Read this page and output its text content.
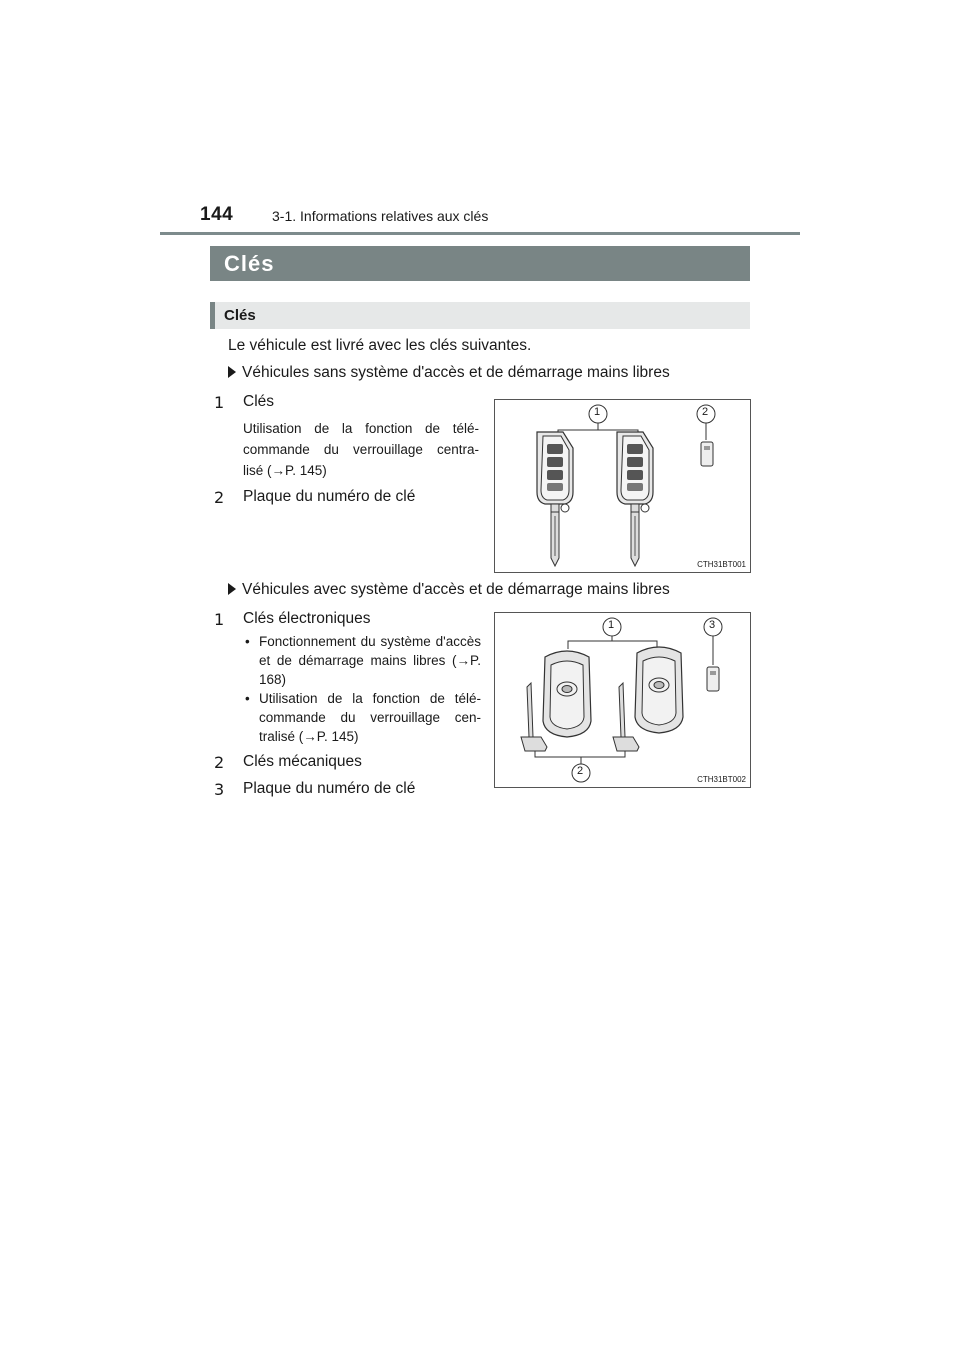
144	3-1. Informations relatives aux clés
Clés
Clés
Le véhicule est livré avec les clés suivantes.
Véhicules sans système d'accès et de démarrage mains libres
1 Clés
Utilisation de la fonction de télé-
commande du verrouillage centra-
lisé (→P. 145)
2 Plaque du numéro de clé
1	2
CTH31BT001
Véhicules avec système d'accès et de démarrage mains libres
1 Clés électroniques
• Fonctionnement du système d'accès et de démarrage mains libres (→P. 168)
• Utilisation de la fonction de télé-commande du verrouillage cen-tralisé (→P. 145)
2 Clés mécaniques
3 Plaque du numéro de clé
1
2
3
CTH31BT002
